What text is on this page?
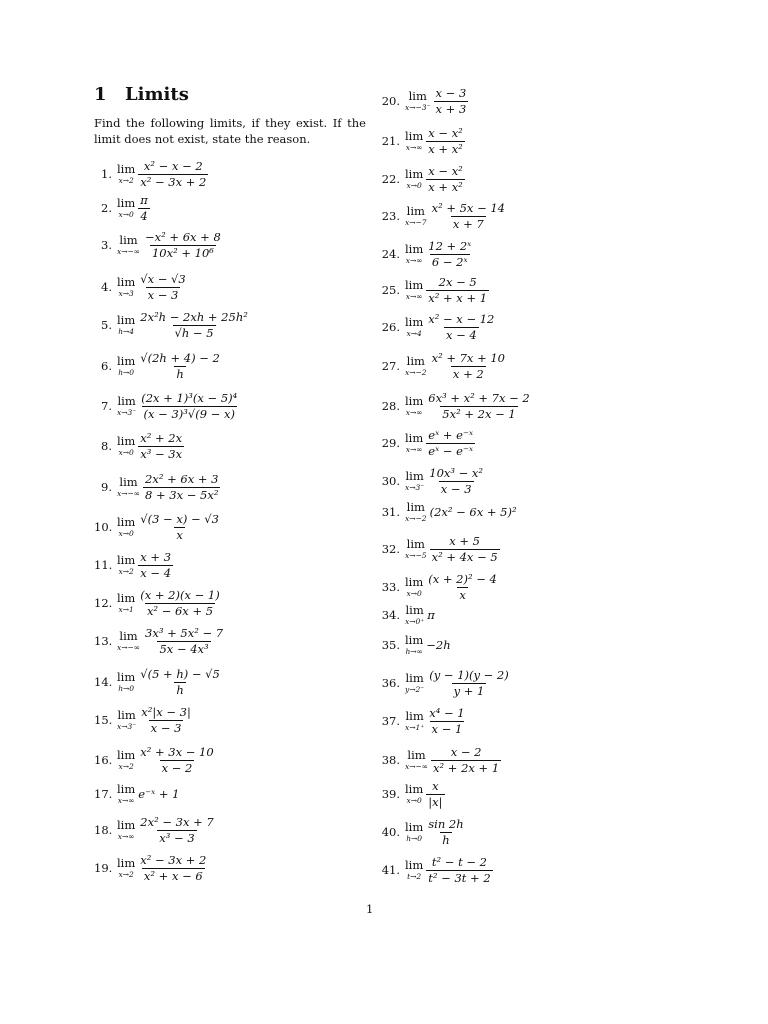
1 Limits
Find the following limits, if they exist. If the limit does not exist, state the reason.
1. lim
$x\to 2 \frac{\text{x² − x − 2}}{\text{x² − 3x + 2}}$
2. lim
$x\to 0 \frac{\pi}{4}$
3. lim
$x\to-\infty \frac{\text{−x² + 6x + 8}}{\text{10x² + 10⁶}}$
4. lim
$x\to 3 \frac{√x - √3}{x - 3}$
5. lim
$h\to 4 \frac{\text{2x²h − 2xh + 25h²}}{√h - 5}$
6. lim
$h\to 0 \frac{√(2h + 4) - 2}{h}$
7. lim
$x\to 3^- \frac{\text{(2x + 1)³(x − 5)⁴}}{\text{(x − 3)³√(9 − x)}}$
8. lim
$x\to 0 \frac{\text{x² + 2x}}{\text{x³ − 3x}}$
9. lim
$x\to-\infty \frac{\text{2x² + 6x + 3}}{\text{8 + 3x − 5x²}}$
10. lim
$x\to 0 \frac{√(3 - x) - √3}{x}$
11. lim
$x\to 2 \frac{x + 3}{x - 4}$
12. lim
$x\to 1 \frac{(x + 2)(x - 1)}{\text{x² − 6x + 5}}$
13. lim
$x\to-\infty \frac{\text{3x³ + 5x² − 7}}{\text{5x − 4x³}}$
14. lim
$h\to 0 \frac{√(5 + h) - √5}{h}$
15. lim
$x\to 3^- \frac{\text{x²|x − 3|}}{x - 3}$
16. lim
$x\to 2 \frac{\text{x² + 3x − 10}}{x - 2}$
17. lim
x→∞ e⁻ˣ + 1
18. lim
$x\to\infty \frac{\text{2x² − 3x + 7}}{\text{x³ − 3}}$
19. lim
$x\to 2 \frac{\text{x² − 3x + 2}}{\text{x² + x − 6}}$
20. lim
$x\to-3^- \frac{x - 3}{x + 3}$
21. lim
$x\to\infty \frac{\text{x − x²}}{\text{x + x²}}$
22. lim
$x\to 0 \frac{\text{x − x²}}{\text{x + x²}}$
23. lim
$x\to-7 \frac{\text{x² + 5x − 14}}{x + 7}$
24. lim
$x\to\infty \frac{\text{12 + 2ˣ}}{\text{6 − 2ˣ}}$
25. lim
$x\to\infty \frac{2x - 5}{\text{x² + x + 1}}$
26. lim
$x\to 4 \frac{\text{x² − x − 12}}{x - 4}$
27. lim
$x\to-2 \frac{\text{x² + 7x + 10}}{x + 2}$
28. lim
$x\to\infty \frac{\text{6x³ + x² + 7x − 2}}{\text{5x² + 2x − 1}}$
29. lim
$x\to\infty \frac{\text{eˣ + e⁻ˣ}}{\text{eˣ − e⁻ˣ}}$
30. lim
$x\to 3^- \frac{\text{10x³ − x²}}{x - 3}$
31. lim
x→−2 (2x² − 6x + 5)²
32. lim
$x\to-5 \frac{x + 5}{\text{x² + 4x − 5}}$
33. lim
$x\to 0 \frac{\text{(x + 2)² − 4}}{x}$
34. lim
x→0⁺ π
35. lim
h→∞ −2h
36. lim
$y\to 2^- \frac{(y - 1)(y - 2)}{y + 1}$
37. lim
$x\to 1^+ \frac{\text{x⁴ − 1}}{x - 1}$
38. lim
$x\to-\infty \frac{x - 2}{\text{x² + 2x + 1}}$
39. lim
$x\to 0 \frac{x}{|x|}$
40. lim
$h\to 0 \frac{\sin 2h}{h}$
41. lim
$t\to 2 \frac{\text{t² − t − 2}}{\text{t² − 3t + 2}}$
1
